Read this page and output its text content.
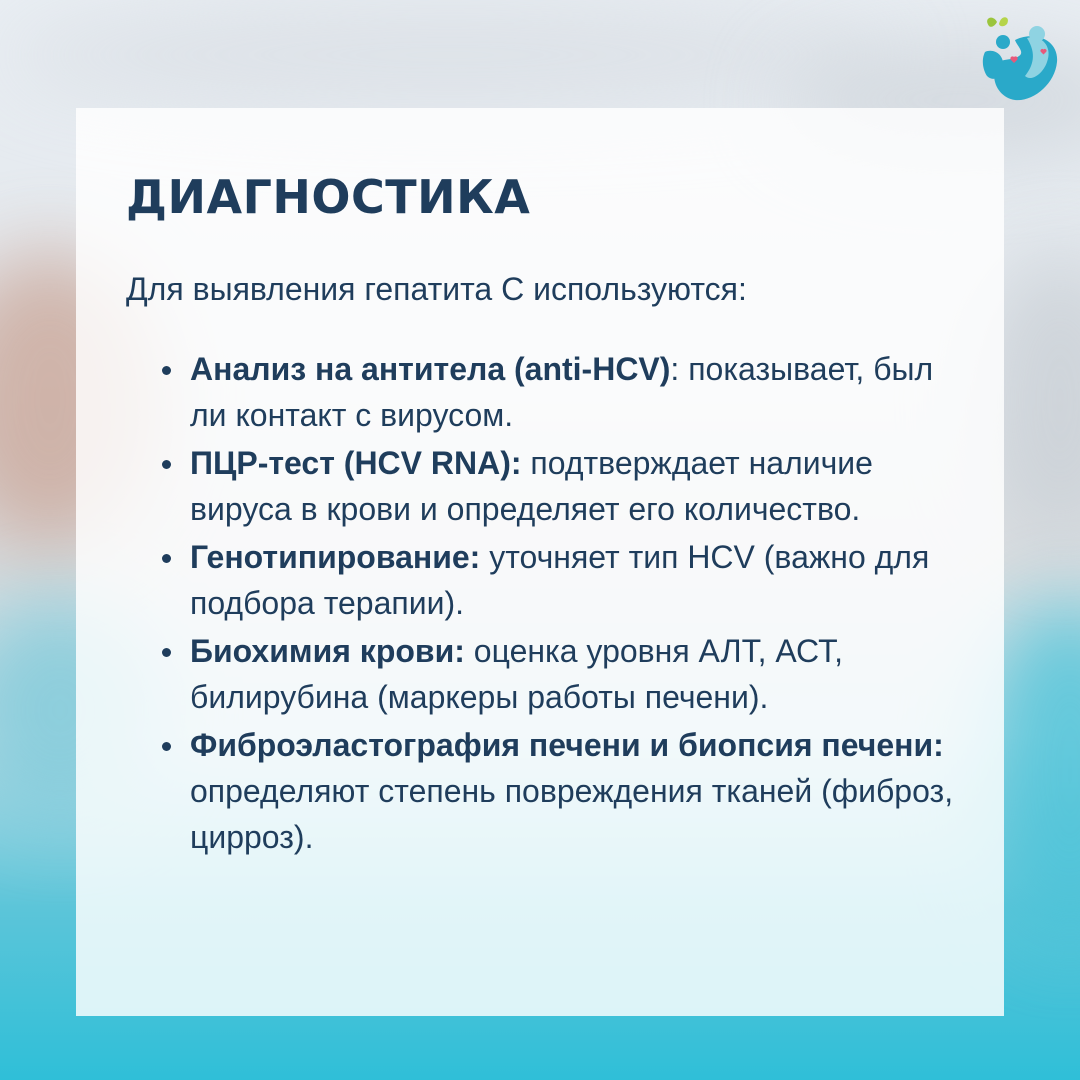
ДИАГНОСТИКА

Для выявления гепатита С используются:

Анализ на антитела (anti-HCV): показывает, был ли контакт с вирусом.
ПЦР-тест (HCV RNA): подтверждает наличие вируса в крови и определяет его количество.
Генотипирование: уточняет тип HCV (важно для подбора терапии).
Биохимия крови: оценка уровня АЛТ, АСТ, билирубина (маркеры работы печени).
Фиброэластография печени и биопсия печени: определяют степень повреждения тканей (фиброз, цирроз).
